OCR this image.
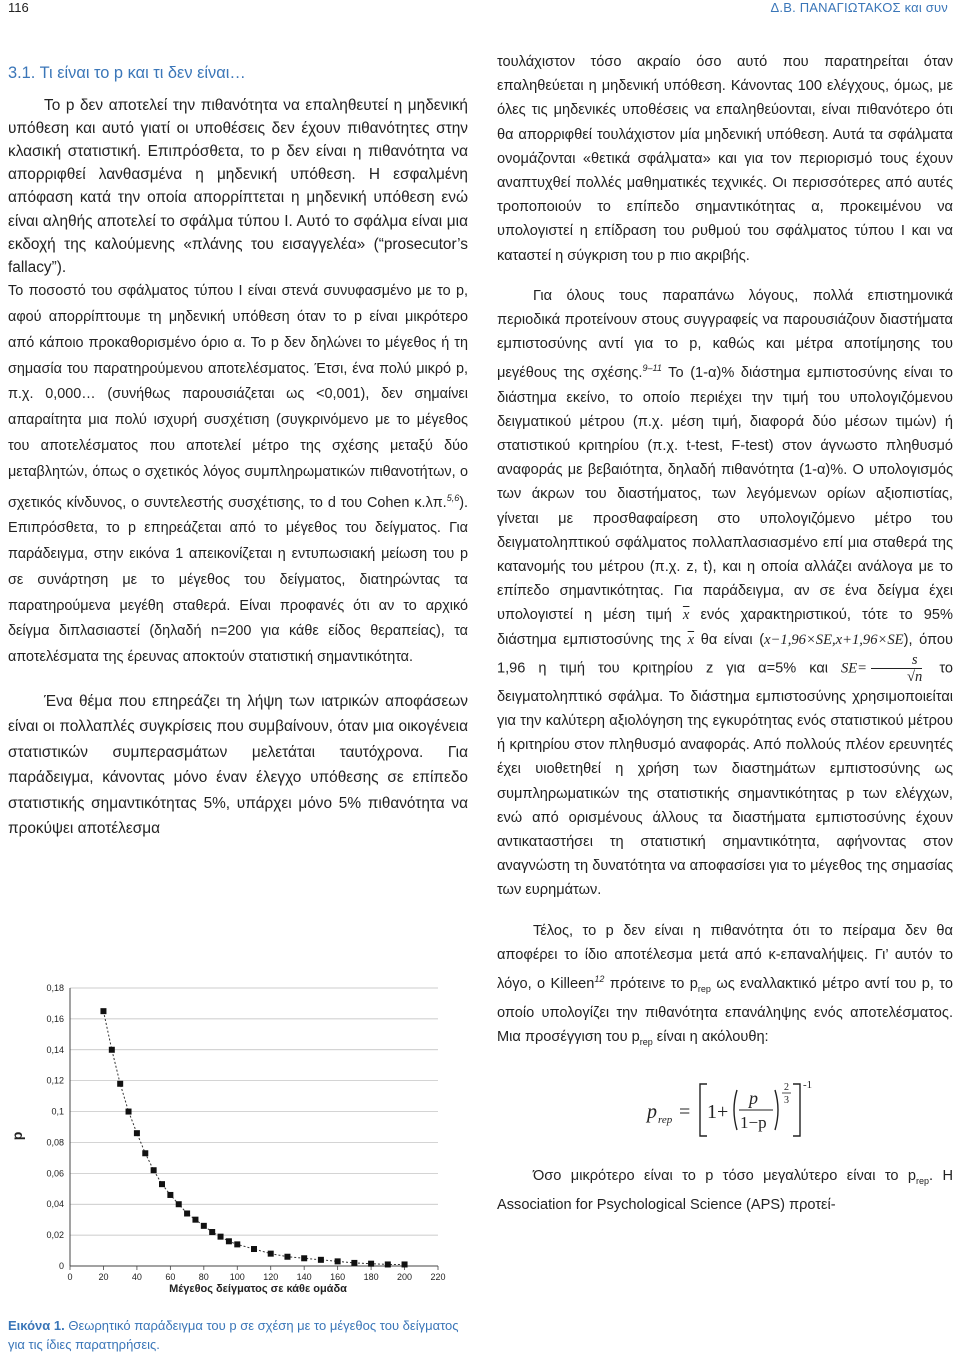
116	Δ.Β. ΠΑΝΑΓΙΩΤΑΚΟΣ και συν
3.1. Τι είναι το p και τι δεν είναι…

Το p δεν αποτελεί την πιθανότητα να επαληθευτεί η μηδενική υπόθεση και αυτό γιατί οι υποθέσεις δεν έχουν πιθανότητες στην κλασική στατιστική. Επιπρόσθετα, το p δεν είναι η πιθανότητα να απορριφθεί λανθασμένα η μηδενική υπόθεση. Η εσφαλμένη απόφαση κατά την οποία απορρίπτεται η μηδενική υπόθεση ενώ είναι αληθής αποτελεί το σφάλμα τύπου Ι. Αυτό το σφάλμα είναι μια εκδοχή της καλούμενης «πλάνης του εισαγγελέα» (“prosecutor’s fallacy”).

Το ποσοστό του σφάλματος τύπου Ι είναι στενά συνυφασμένο με το p, αφού απορρίπτουμε τη μηδενική υπόθεση όταν το p είναι μικρότερο από κάποιο προκαθορισμένο όριο α. Το p δεν δηλώνει το μέγεθος ή τη σημασία του παρατηρούμενου αποτελέσματος. Έτσι, ένα πολύ μικρό p, π.χ. 0,000… (συνήθως παρουσιάζεται ως <0,001), δεν σημαίνει απαραίτητα μια πολύ ισχυρή συσχέτιση (συγκρινόμενο με το μέγεθος του αποτελέσματος που αποτελεί μέτρο της σχέσης μεταξύ δύο μεταβλητών, όπως ο σχετικός λόγος συμπληρωματικών πιθανοτήτων, ο σχετικός κίνδυνος, ο συντελεστής συσχέτισης, το d του Cohen κ.λπ.$^{5,6}$). Επιπρόσθετα, το p επηρεάζεται από το μέγεθος του δείγματος. Για παράδειγμα, στην εικόνα 1 απεικονίζεται η εντυπωσιακή μείωση του p σε συνάρτηση με το μέγεθος του δείγματος, διατηρώντας τα παρατηρούμενα μεγέθη σταθερά. Είναι προφανές ότι αν το αρχικό δείγμα διπλασιαστεί (δηλαδή n=200 για κάθε είδος θεραπείας), τα αποτελέσματα της έρευνας αποκτούν στατιστική σημαντικότητα.

Ένα θέμα που επηρεάζει τη λήψη των ιατρικών αποφάσεων είναι οι πολλαπλές συγκρίσεις που συμβαίνουν, όταν μια οικογένεια στατιστικών συμπερασμάτων μελετάται ταυτόχρονα. Για παράδειγμα, κάνοντας μόνο έναν έλεγχο υπόθεσης σε επίπεδο στατιστικής σημαντικότητας 5%, υπάρχει μόνο 5% πιθανότητα να προκύψει αποτέλεσμα

τουλάχιστον τόσο ακραίο όσο αυτό που παρατηρείται όταν επαληθεύεται η μηδενική υπόθεση. Κάνοντας 100 ελέγχους, όμως, με όλες τις μηδενικές υποθέσεις να επαληθεύονται, είναι πιθανότερο ότι θα απορριφθεί τουλάχιστον μία μηδενική υπόθεση. Αυτά τα σφάλματα ονομάζονται «θετικά σφάλματα» και για τον περιορισμό τους έχουν αναπτυχθεί πολλές μαθηματικές τεχνικές. Οι περισσότερες από αυτές τροποποιούν το επίπεδο σημαντικότητας α, προκειμένου να υπολογιστεί η επίδραση του ρυθμού του σφάλματος τύπου Ι και να καταστεί η σύγκριση του p πιο ακριβής.

Για όλους τους παραπάνω λόγους, πολλά επιστημονικά περιοδικά προτείνουν στους συγγραφείς να παρουσιάζουν διαστήματα εμπιστοσύνης αντί για το p, καθώς και μέτρα αποτίμησης του μεγέθους της σχέσης.$^{9-11}$ Το (1-α)% διάστημα εμπιστοσύνης είναι το διάστημα εκείνο, το οποίο περιέχει την τιμή του υπολογιζόμενου δειγματικού μέτρου (π.χ. μέση τιμή, διαφορά δύο μέσων τιμών) ή στατιστικού κριτηρίου (π.χ. t-test, F-test) στον άγνωστο πληθυσμό αναφοράς με βεβαιότητα, δηλαδή πιθανότητα (1-α)%. Ο υπολογισμός των άκρων του διαστήματος, των λεγόμενων ορίων αξιοπιστίας, γίνεται με προσθαφαίρεση στο υπολογιζόμενο μέτρο του δειγματοληπτικού σφάλματος πολλαπλασιασμένο επί μια σταθερά της κατανομής του μέτρου (π.χ. z, t), και η οποία αλλάζει ανάλογα με το επίπεδο σημαντικότητας. Για παράδειγμα, αν σε ένα δείγμα έχει υπολογιστεί η μέση τιμή $\overline{x}$ ενός χαρακτηριστικού, τότε το 95% διάστημα εμπιστοσύνης της $\overline{x}$ θα είναι (x−1,96×SE,x+1,96×SE), όπου 1,96 η τιμή του κριτηρίου z για α=5% και $SE= \frac{s}{√n}$ το δειγματοληπτικό σφάλμα. Το διάστημα εμπιστοσύνης χρησιμοποιείται για την καλύτερη αξιολόγηση της εγκυρότητας ενός στατιστικού μέτρου ή κριτηρίου στον πληθυσμό αναφοράς. Από πολλούς πλέον ερευνητές έχει υιοθετηθεί η χρήση των διαστημάτων εμπιστοσύνης ως συμπληρωματικών της στατιστικής σημαντικότητας p των ελέγχων, ενώ από ορισμένους άλλους τα διαστήματα εμπιστοσύνης έχουν αντικαταστήσει τη στατιστική σημαντικότητα, αφήνοντας στον αναγνώστη τη δυνατότητα να αποφασίσει για το μέγεθος της σημασίας των ευρημάτων.

Τέλος, το p δεν είναι η πιθανότητα ότι το πείραμα δεν θα αποφέρει το ίδιο αποτέλεσμα μετά από κ-επαναλήψεις. Γι’ αυτόν το λόγο, ο Killeen$^{12}$ πρότεινε το $p_{rep}$ ως εναλλακτικό μέτρο αντί του p, το οποίο υπολογίζει την πιθανότητα επανάληψης ενός αποτελέσματος. Μια προσέγγιση του $p_{rep}$ είναι η ακόλουθη:

p rep = 1+
p
1−p
2
3
-1

Όσο μικρότερο είναι το p τόσο μεγαλύτερο είναι το $p_{rep}$. Η Association for Psychological Science (APS) προτεί-

0
0,02
0,04
0,06
0,08
0,1
0,12
0,14
0,16
0,18
0	20	40	60	80 100 120 140 160 180 200 220
p
Μέγεθος δείγματος σε κάθε ομάδα
Εικόνα 1. Θεωρητικό παράδειγμα του p σε σχέση με το μέγεθος του δείγματος για τις ίδιες παρατηρήσεις.
